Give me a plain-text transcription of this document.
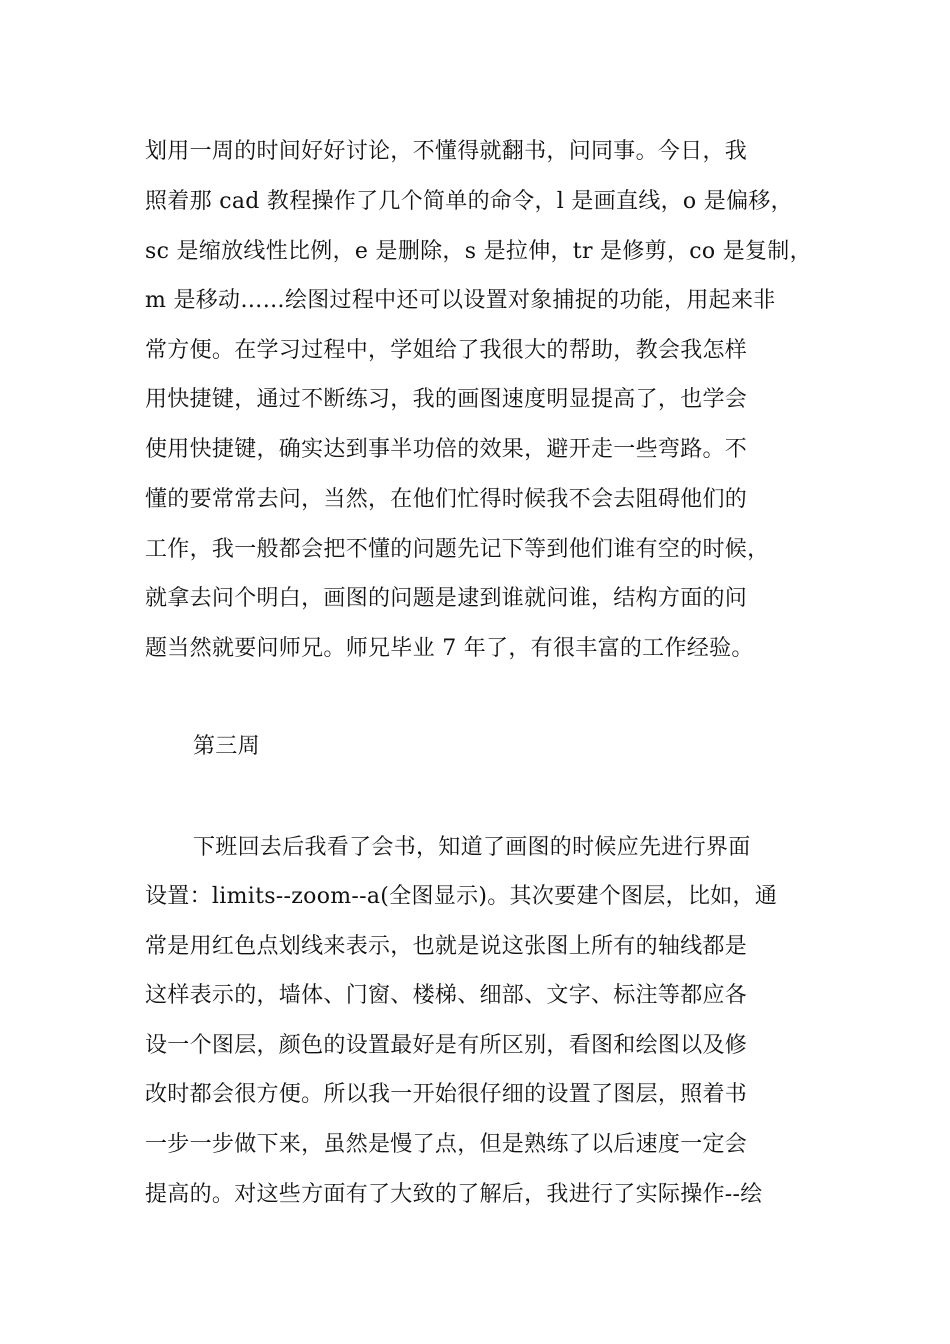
划用一周的时间好好讨论，不懂得就翻书，问同事。今日，我
照着那 cad 教程操作了几个简单的命令，l 是画直线，o 是偏移，
sc 是缩放线性比例，e 是删除，s 是拉伸，tr 是修剪，co 是复制，
m 是移动……绘图过程中还可以设置对象捕捉的功能，用起来非
常方便。在学习过程中，学姐给了我很大的帮助，教会我怎样
用快捷键，通过不断练习，我的画图速度明显提高了，也学会
使用快捷键，确实达到事半功倍的效果，避开走一些弯路。不
懂的要常常去问，当然，在他们忙得时候我不会去阻碍他们的
工作，我一般都会把不懂的问题先记下等到他们谁有空的时候，
就拿去问个明白，画图的问题是逮到谁就问谁，结构方面的问
题当然就要问师兄。师兄毕业 7 年了，有很丰富的工作经验。
第三周
下班回去后我看了会书，知道了画图的时候应先进行界面
设置：limits--zoom--a(全图显示)。其次要建个图层，比如，通
常是用红色点划线来表示，也就是说这张图上所有的轴线都是
这样表示的，墙体、门窗、楼梯、细部、文字、标注等都应各
设一个图层，颜色的设置最好是有所区别，看图和绘图以及修
改时都会很方便。所以我一开始很仔细的设置了图层，照着书
一步一步做下来，虽然是慢了点，但是熟练了以后速度一定会
提高的。对这些方面有了大致的了解后，我进行了实际操作--绘
